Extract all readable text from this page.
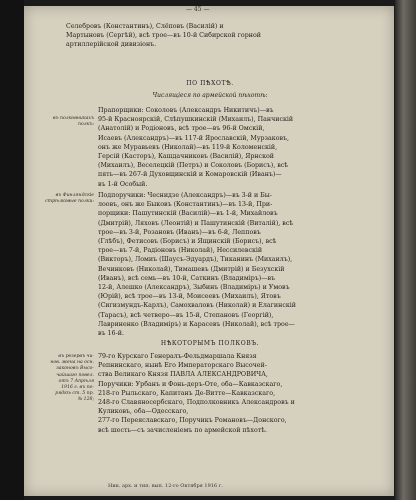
— 45 —
Селебровъ (Константинъ), Слёповъ (Василій) и
Мартыновъ (Сергѣй), всѣ трое—въ 10-й Сибирской горной
артиллерійской дивизіонъ.
ПО ПѢХОТѢ.
Числящіеся по армейской пѣхотѣ:
въ полковникахъ
полкъ:
Прапорщики: Соколовъ (Александръ Никитичъ)—въ
95-й Красноярскій, Слѣпушкинскій (Михаилъ), Панчискій
(Анатолій) и Родіоновъ, всѣ трое—въ 96-й Омскій,
Исаевъ (Александръ)—въ 117-й Ярославскій, Мурзаковъ,
онъ же Муравьевъ (Николай)—въ 119-й Коломенскій,
Герсій (Касторъ), Кашдачниковъ (Василій), Ярнской
(Михаилъ), Веселецкій (Петръ) и Соколовъ (Борисъ), всѣ
пять—въ 267-й Духовщинскій и Комаровскій (Иванъ)—
въ 1-й Особый.
въ Финляндскіе
стрѣлковые полки:
Подпоручики: Чеснидзе (Александръ)—въ 3-й и Бы-
лоовъ, онъ же Быковъ (Константинъ)—въ 13-й, При-
порщики: Пашутинскій (Василій)—въ 1-й, Михайловъ
(Дмитрій), Ляховъ (Леонтій) и Пашутинскій (Виталій), всѣ
трое—въ 3-й, Розановъ (Иванъ)—въ 6-й, Лепповъ
(Глѣбъ), Фетисовъ (Борисъ) и Ящинскій (Борисъ), всѣ
трое—въ 7-й, Радіоновъ (Николай), Нессилевскій
(Викторъ), Ломиъ (Шаусъ-Эдуардъ), Тиканинъ (Михаилъ),
Вечинковъ (Николай), Тимашевъ (Дмитрій) и Безухскій
(Иванъ), всѣ семь—въ 10-й, Саткинъ (Владиміръ)—въ
12-й, Алешко (Александръ), Зыбинъ (Владиміръ) и Умовъ
(Юрій), всѣ трое—въ 13-й, Моисеевъ (Михаилъ), Ятовъ
(Сигизмундъ-Карлъ), Самохваловъ (Николай) и Елагинскій
(Тарасъ), всѣ четверо—въ 15-й, Степановъ (Георгій),
Лавриненко (Владиміръ) и Карасевъ (Николай), всѣ трое—
въ 16-й.
НѢКОТОРЫМЪ ПОЛКОВЪ.
въ резервъ чи-
нов. жена на осн.
законовъ Высо-
чайшаго повел.
отъ 7 Апрѣля
1916 г. въ по-
рядкѣ ст. 5 пр.
№ 128;
79-го Курскаго Генералъ-Фельдмаршала Князя
Репнинскаго, нынѣ Его Императорскаго Высочей-
ства Великаго Князя ПАВЛА АЛЕКСАНДРОВИЧА,
Поручики: Урбанъ и Фонь-деръ-Оте, оба—Кавказскаго,
218-го Рыльскаго, Капитанъ Де-Витте—Кавказскаго,
248-го Славяносербскаго, Подполковникъ Александровъ и
Куликовъ, оба—Одесскаго,
277-го Переяславскаго, Поручикъ Романовъ—Донского,
всѣ шесть—съ зачисленіемъ по армейской пѣхотѣ.
Ник. арх. и тип. вып. 12-го Октября 1916 г.
